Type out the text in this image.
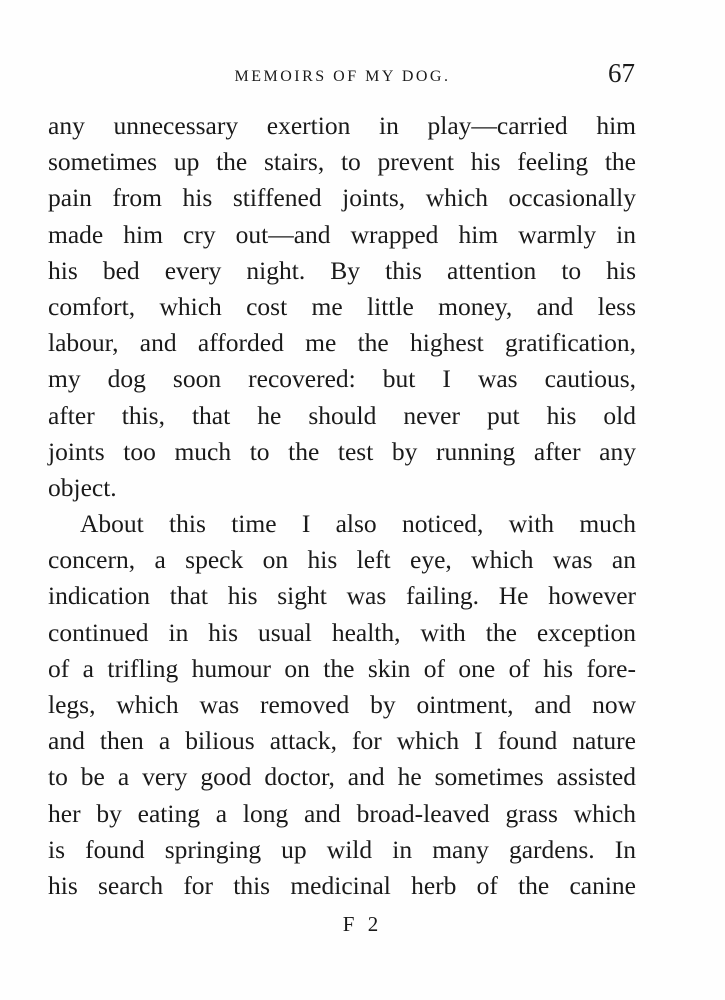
MEMOIRS OF MY DOG.	67
any unnecessary exertion in play—carried him
sometimes up the stairs, to prevent his feeling the
pain from his stiffened joints, which occasionally
made him cry out—and wrapped him warmly in
his bed every night. By this attention to his
comfort, which cost me little money, and less
labour, and afforded me the highest gratification,
my dog soon recovered: but I was cautious,
after this, that he should never put his old
joints too much to the test by running after any
object.
About this time I also noticed, with much
concern, a speck on his left eye, which was an
indication that his sight was failing. He however
continued in his usual health, with the exception
of a trifling humour on the skin of one of his fore-
legs, which was removed by ointment, and now
and then a bilious attack, for which I found nature
to be a very good doctor, and he sometimes assisted
her by eating a long and broad-leaved grass which
is found springing up wild in many gardens. In
his search for this medicinal herb of the canine
F 2
